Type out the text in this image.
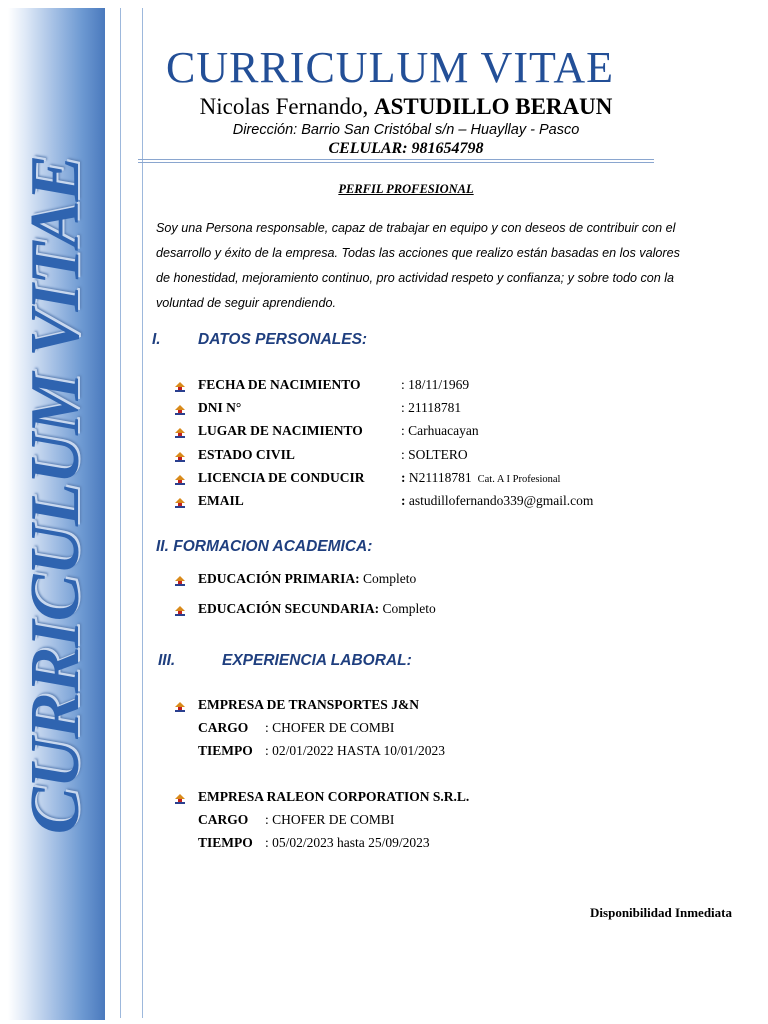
CURRICULUM VITAE
CURRICULUM VITAE
Nicolas Fernando, ASTUDILLO BERAUN
Dirección: Barrio San Cristóbal s/n – Huayllay - Pasco
CELULAR: 981654798
PERFIL PROFESIONAL
Soy una Persona responsable, capaz de trabajar en equipo y con deseos de contribuir con el desarrollo y éxito de la empresa. Todas las acciones que realizo están basadas en los valores de honestidad, mejoramiento continuo, pro actividad respeto y confianza; y sobre todo con la voluntad de seguir aprendiendo.
I. DATOS PERSONALES:
II. FORMACION ACADEMICA:
III.	EXPERIENCIA LABORAL:
Disponibilidad Inmediata
FECHA DE NACIMIENTO	: 18/11/1969
DNI N°	: 21118781
LUGAR DE NACIMIENTO	: Carhuacayan
ESTADO CIVIL	: SOLTERO
LICENCIA DE CONDUCIR	: N21118781 Cat. A I Profesional
EMAIL	: astudillofernando339@gmail.com
EDUCACIÓN PRIMARIA: Completo
EDUCACIÓN SECUNDARIA: Completo
EMPRESA DE TRANSPORTES J&N
CARGO : CHOFER DE COMBI
TIEMPO : 02/01/2022 HASTA 10/01/2023
EMPRESA RALEON CORPORATION S.R.L.
CARGO : CHOFER DE COMBI
TIEMPO : 05/02/2023 hasta 25/09/2023
